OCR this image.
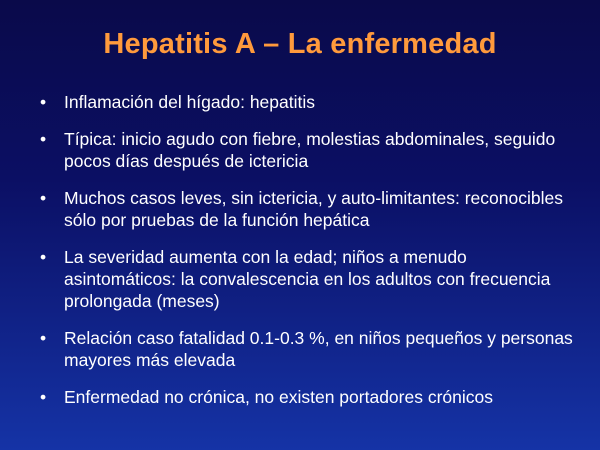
Hepatitis A – La enfermedad
•	Inflamación del hígado: hepatitis
•	Típica: inicio agudo con fiebre, molestias abdominales, seguido pocos días después de ictericia
•	Muchos casos leves, sin ictericia, y auto-limitantes: reconocibles sólo por pruebas de la función hepática
•	La severidad aumenta con la edad; niños a menudo asintomáticos: la convalescencia en los adultos con frecuencia prolongada (meses)
•	Relación caso fatalidad 0.1-0.3 %, en niños pequeños y personas mayores más elevada
•	Enfermedad no crónica, no existen portadores crónicos
